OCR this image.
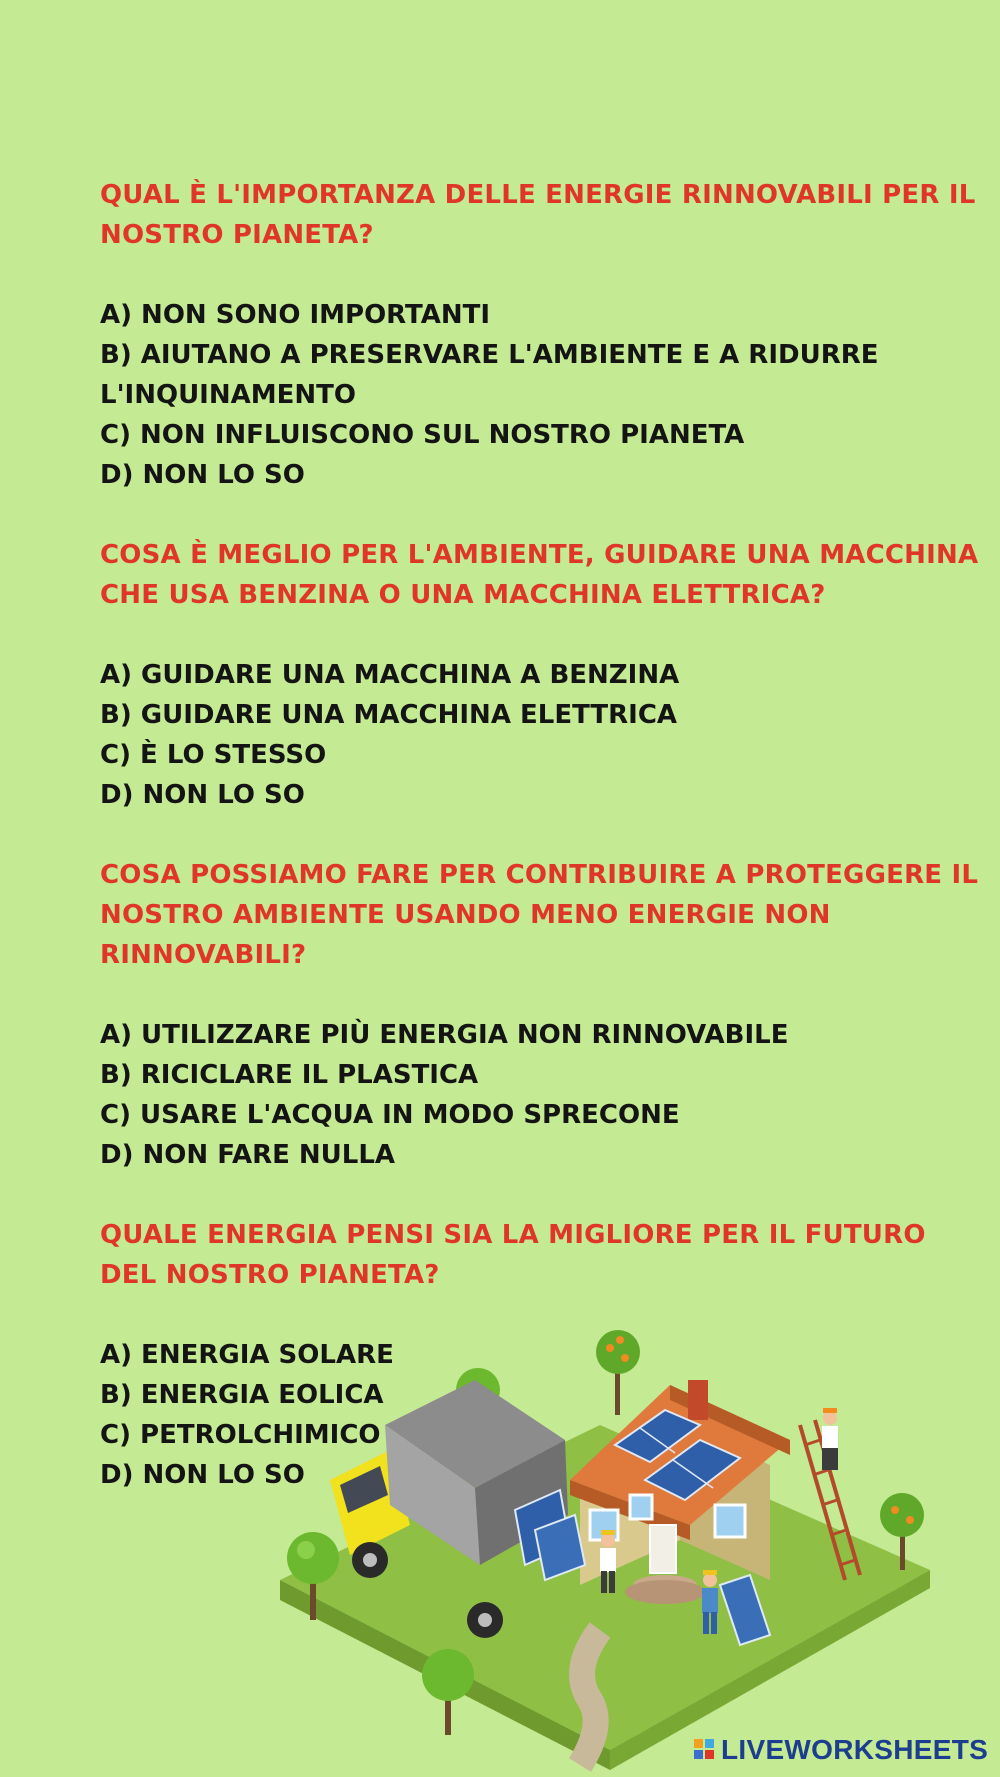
QUAL È L'IMPORTANZA DELLE ENERGIE RINNOVABILI PER IL NOSTRO PIANETA?

A) NON SONO IMPORTANTI
B) AIUTANO A PRESERVARE L'AMBIENTE E A RIDURRE L'INQUINAMENTO
C) NON INFLUISCONO SUL NOSTRO PIANETA
D) NON LO SO

COSA È MEGLIO PER L'AMBIENTE, GUIDARE UNA MACCHINA CHE USA BENZINA O UNA MACCHINA ELETTRICA?

A) GUIDARE UNA MACCHINA A BENZINA
B) GUIDARE UNA MACCHINA ELETTRICA
C) È LO STESSO
D) NON LO SO

COSA POSSIAMO FARE PER CONTRIBUIRE A PROTEGGERE IL NOSTRO AMBIENTE USANDO MENO ENERGIE NON RINNOVABILI?

A) UTILIZZARE PIÙ ENERGIA NON RINNOVABILE
B) RICICLARE IL PLASTICA
C) USARE L'ACQUA IN MODO SPRECONE
D) NON FARE NULLA

QUALE ENERGIA PENSI SIA LA MIGLIORE PER IL FUTURO DEL NOSTRO PIANETA?

A) ENERGIA SOLARE
B) ENERGIA EOLICA
C) PETROLCHIMICO
D) NON LO SO
LIVEWORKSHEETS
